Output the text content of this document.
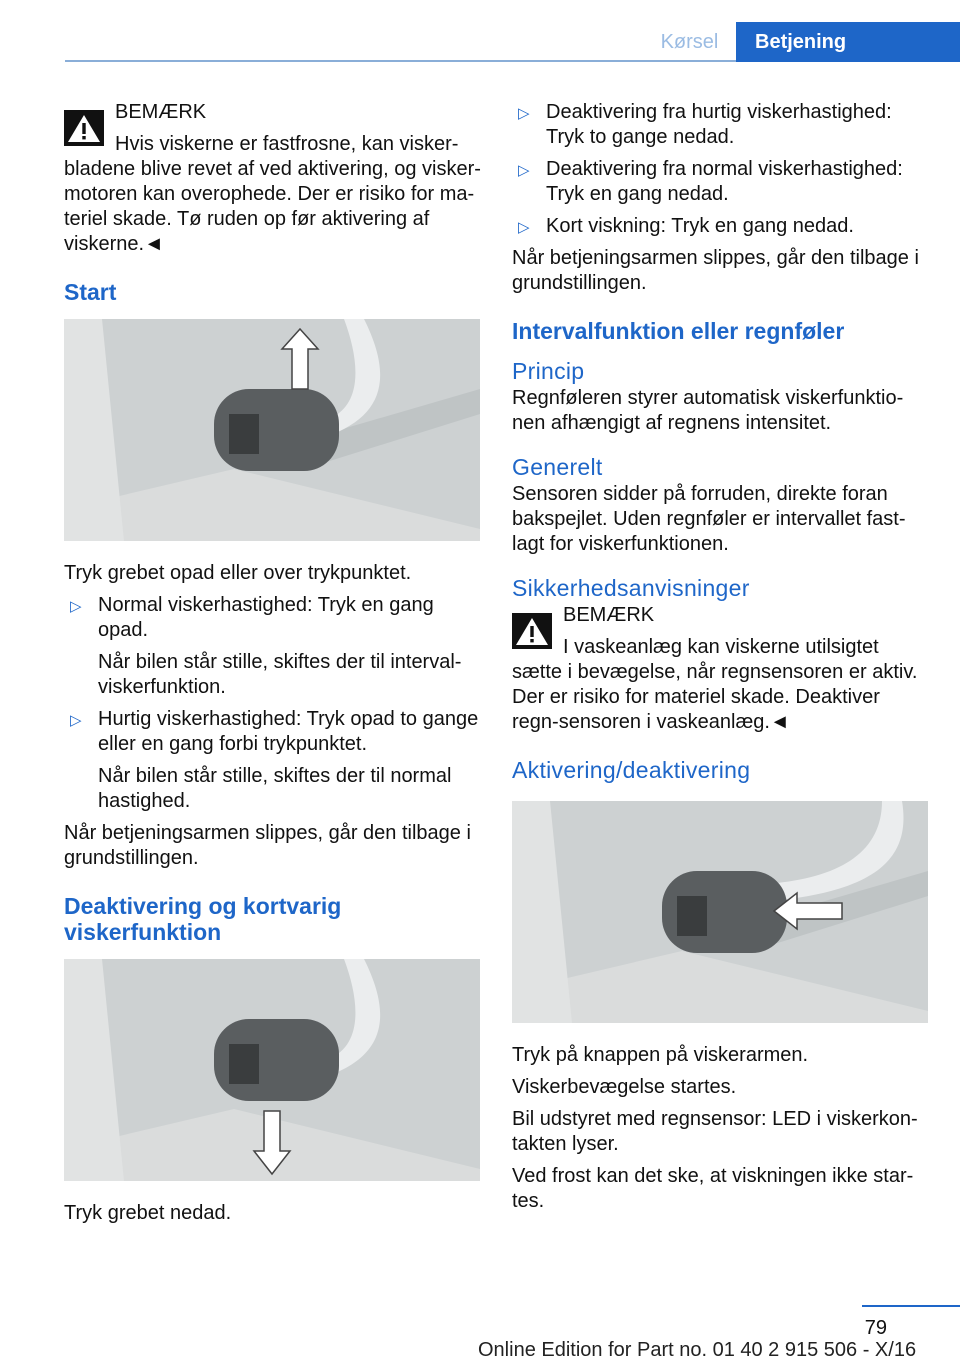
Kørsel	Betjening
BEMÆRK
Hvis viskerne er fastfrosne, kan visker-
bladene blive revet af ved aktivering, og visker-motoren kan overophede. Der er risiko for ma-teriel skade. Tø ruden op før aktivering af viskerne.◄
Start

Tryk grebet opad eller over trykpunktet.

▷ Normal viskerhastighed: Tryk en gang opad.

Når bilen står stille, skiftes der til interval-viskerfunktion.

▷ Hurtig viskerhastighed: Tryk opad to gange eller en gang forbi trykpunktet.

Når bilen står stille, skiftes der til normal hastighed.

Når betjeningsarmen slippes, går den tilbage i grundstillingen.

Deaktivering og kortvarig viskerfunktion

Tryk grebet nedad.

▷ Deaktivering fra hurtig viskerhastighed: Tryk to gange nedad.
▷ Deaktivering fra normal viskerhastighed: Tryk en gang nedad.
▷ Kort viskning: Tryk en gang nedad.

Når betjeningsarmen slippes, går den tilbage i grundstillingen.

Intervalfunktion eller regnføler
Princip

Regnføleren styrer automatisk viskerfunktio-nen afhængigt af regnens intensitet.

Generelt

Sensoren sidder på forruden, direkte foran bakspejlet. Uden regnføler er intervallet fast-lagt for viskerfunktionen.

Sikkerhedsanvisninger
BEMÆRK
I vaskeanlæg kan viskerne utilsigtet
sætte i bevægelse, når regnsensoren er aktiv. Der er risiko for materiel skade. Deaktiver regn-sensoren i vaskeanlæg.◄
Aktivering/deaktivering

Tryk på knappen på viskerarmen.

Viskerbevægelse startes.

Bil udstyret med regnsensor: LED i viskerkon-takten lyser.

Ved frost kan det ske, at viskningen ikke star-tes.

79
Online Edition for Part no. 01 40 2 915 506 - X/16
